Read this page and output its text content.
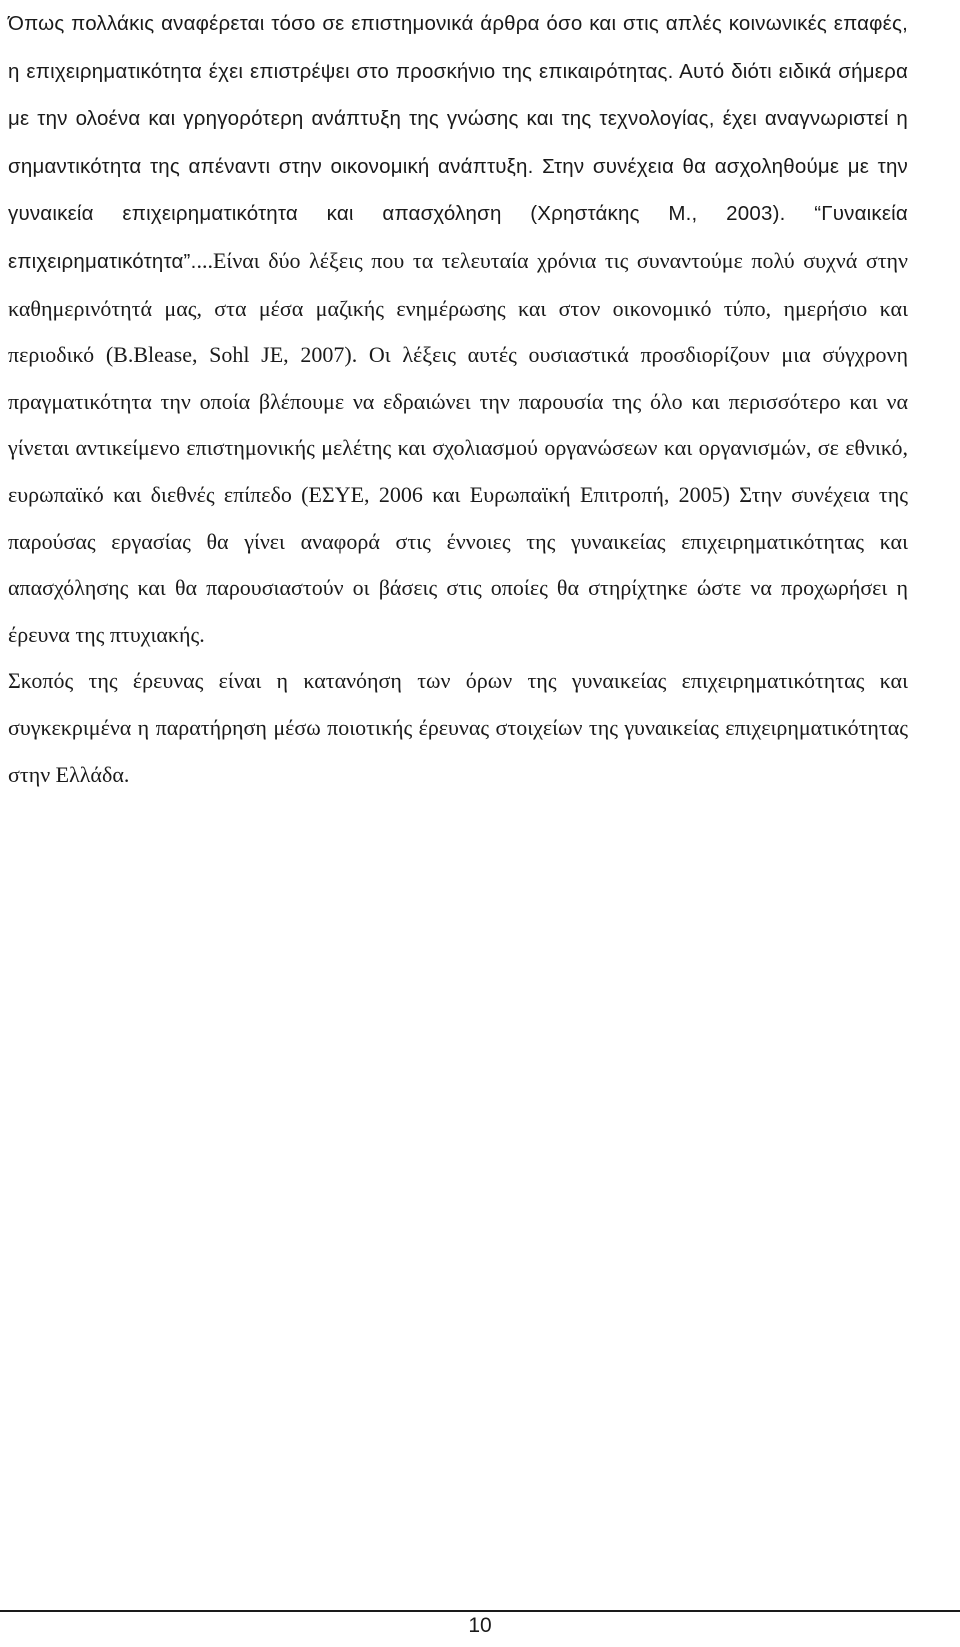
Όπως πολλάκις αναφέρεται τόσο σε επιστημονικά άρθρα όσο και στις απλές κοινωνικές επαφές, η επιχειρηματικότητα έχει επιστρέψει στο προσκήνιο της επικαιρότητας. Αυτό διότι ειδικά σήμερα με την ολοένα και γρηγορότερη ανάπτυξη της γνώσης και της τεχνολογίας, έχει αναγνωριστεί η σημαντικότητα της απέναντι στην οικονομική ανάπτυξη. Στην συνέχεια θα ασχοληθούμε με την γυναικεία επιχειρηματικότητα και απασχόληση (Χρηστάκης Μ., 2003). “Γυναικεία επιχειρηματικότητα”....Είναι δύο λέξεις που τα τελευταία χρόνια τις συναντούμε πολύ συχνά στην καθημερινότητά μας, στα μέσα μαζικής ενημέρωσης και στον οικονομικό τύπο, ημερήσιο και περιοδικό (B.Blease, Sohl JE, 2007). Οι λέξεις αυτές ουσιαστικά προσδιορίζουν μια σύγχρονη πραγματικότητα την οποία βλέπουμε να εδραιώνει την παρουσία της όλο και περισσότερο και να γίνεται αντικείμενο επιστημονικής μελέτης και σχολιασμού οργανώσεων και οργανισμών, σε εθνικό, ευρωπαϊκό και διεθνές επίπεδο (ΕΣΥΕ, 2006 και Ευρωπαϊκή Επιτροπή, 2005) Στην συνέχεια της παρούσας εργασίας θα γίνει αναφορά στις έννοιες της γυναικείας επιχειρηματικότητας και απασχόλησης και θα παρουσιαστούν οι βάσεις στις οποίες θα στηρίχτηκε ώστε να προχωρήσει η έρευνα της πτυχιακής.

Σκοπός της έρευνας είναι η κατανόηση των όρων της γυναικείας επιχειρηματικότητας και συγκεκριμένα η παρατήρηση μέσω ποιοτικής έρευνας στοιχείων της γυναικείας επιχειρηματικότητας στην Ελλάδα.

10
